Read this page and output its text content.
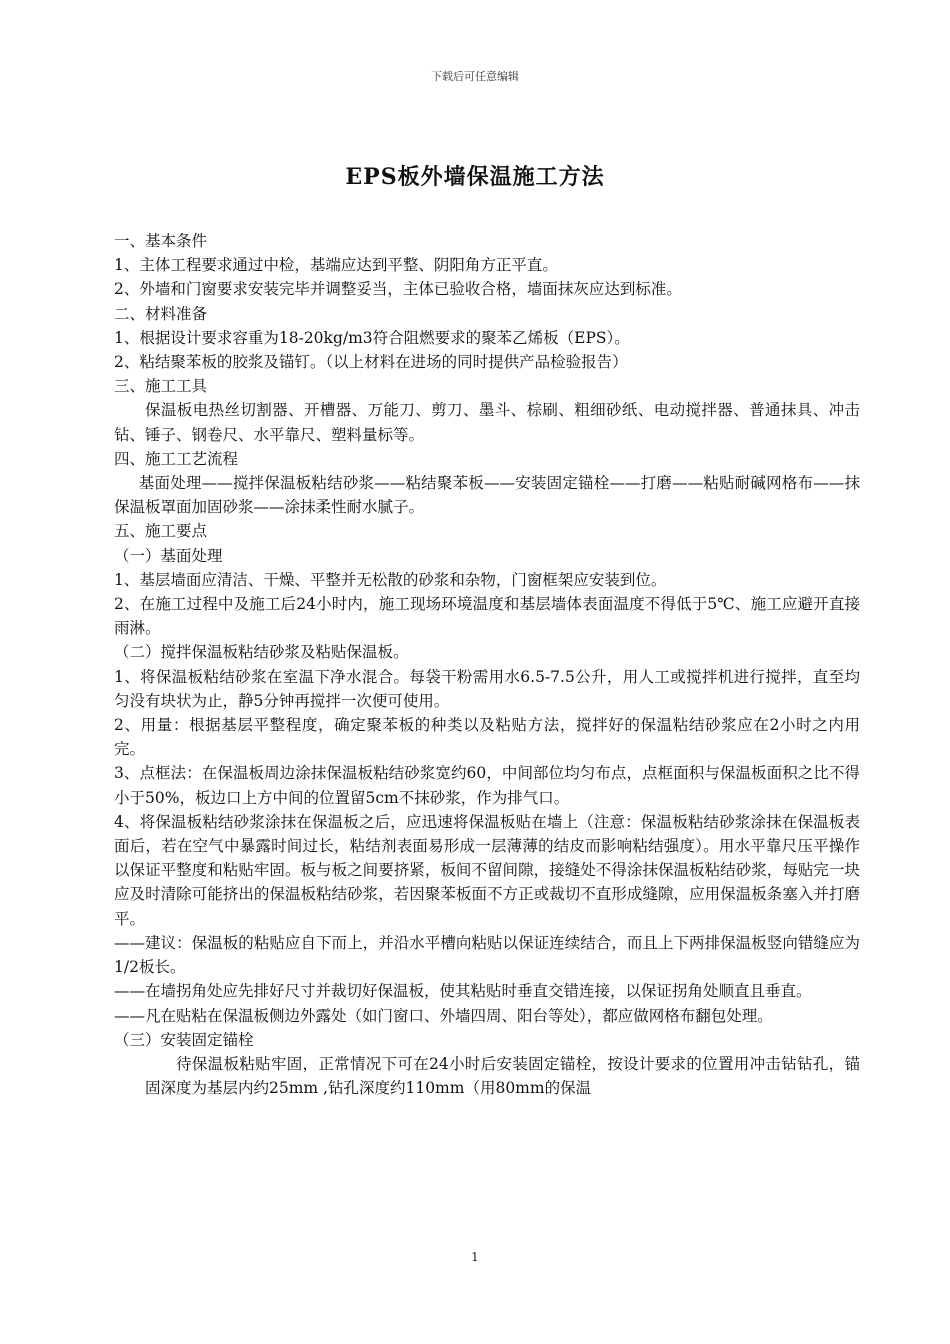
下载后可任意编辑
EPS板外墙保温施工方法

一、基本条件

1、主体工程要求通过中检，基端应达到平整、阴阳角方正平直。

2、外墙和门窗要求安装完毕并调整妥当，主体已验收合格，墙面抹灰应达到标准。

二、材料准备

1、根据设计要求容重为18-20kg/m3符合阻燃要求的聚苯乙烯板（EPS）。

2、粘结聚苯板的胶浆及锚钉。（以上材料在进场的同时提供产品检验报告）

三、施工工具

保温板电热丝切割器、开槽器、万能刀、剪刀、墨斗、棕刷、粗细砂纸、电动搅拌器、普通抹具、冲击钻、锤子、钢卷尺、水平靠尺、塑料量标等。

四、施工工艺流程

基面处理——搅拌保温板粘结砂浆——粘结聚苯板——安装固定锚栓——打磨——粘贴耐碱网格布——抹保温板罩面加固砂浆——涂抹柔性耐水腻子。

五、施工要点

（一）基面处理

1、基层墙面应清洁、干燥、平整并无松散的砂浆和杂物，门窗框架应安装到位。

2、在施工过程中及施工后24小时内，施工现场环境温度和基层墙体表面温度不得低于5℃、施工应避开直接雨淋。

（二）搅拌保温板粘结砂浆及粘贴保温板。

1、将保温板粘结砂浆在室温下净水混合。每袋干粉需用水6.5-7.5公升，用人工或搅拌机进行搅拌，直至均匀没有块状为止，静5分钟再搅拌一次便可使用。

2、用量：根据基层平整程度，确定聚苯板的种类以及粘贴方法，搅拌好的保温粘结砂浆应在2小时之内用完。

3、点框法：在保温板周边涂抹保温板粘结砂浆宽约60，中间部位均匀布点，点框面积与保温板面积之比不得小于50%，板边口上方中间的位置留5cm不抹砂浆，作为排气口。

4、将保温板粘结砂浆涂抹在保温板之后，应迅速将保温板贴在墙上（注意：保温板粘结砂浆涂抹在保温板表面后，若在空气中暴露时间过长，粘结剂表面易形成一层薄薄的结皮而影响粘结强度）。用水平靠尺压平操作以保证平整度和粘贴牢固。板与板之间要挤紧，板间不留间隙，接缝处不得涂抹保温板粘结砂浆，每贴完一块应及时清除可能挤出的保温板粘结砂浆，若因聚苯板面不方正或裁切不直形成缝隙，应用保温板条塞入并打磨平。

——建议：保温板的粘贴应自下而上，并沿水平槽向粘贴以保证连续结合，而且上下两排保温板竖向错缝应为1/2板长。

——在墙拐角处应先排好尺寸并裁切好保温板，使其粘贴时垂直交错连接，以保证拐角处顺直且垂直。

——凡在贴粘在保温板侧边外露处（如门窗口、外墙四周、阳台等处），都应做网格布翻包处理。

（三）安装固定锚栓

待保温板粘贴牢固，正常情况下可在24小时后安装固定锚栓，按设计要求的位置用冲击钻钻孔，锚固深度为基层内约25mm ,钻孔深度约110mm（用80mm的保温

1
